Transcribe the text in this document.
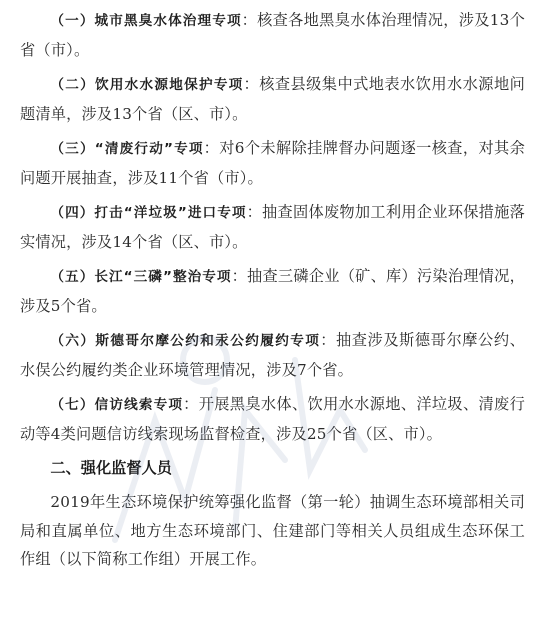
（一）城市黑臭水体治理专项：核查各地黑臭水体治理情况，涉及13个省（市）。

（二）饮用水水源地保护专项：核查县级集中式地表水饮用水水源地问题清单，涉及13个省（区、市）。

（三）“清废行动”专项：对6个未解除挂牌督办问题逐一核查，对其余问题开展抽查，涉及11个省（市）。

（四）打击“洋垃圾”进口专项：抽查固体废物加工利用企业环保措施落实情况，涉及14个省（区、市）。

（五）长江“三磷”整治专项：抽查三磷企业（矿、库）污染治理情况，涉及5个省。

（六）斯德哥尔摩公约和汞公约履约专项：抽查涉及斯德哥尔摩公约、水俣公约履约类企业环境管理情况，涉及7个省。

（七）信访线索专项：开展黑臭水体、饮用水水源地、洋垃圾、清废行动等4类问题信访线索现场监督检查，涉及25个省（区、市）。

二、强化监督人员

2019年生态环境保护统筹强化监督（第一轮）抽调生态环境部相关司局和直属单位、地方生态环境部门、住建部门等相关人员组成生态环保工作组（以下简称工作组）开展工作。
